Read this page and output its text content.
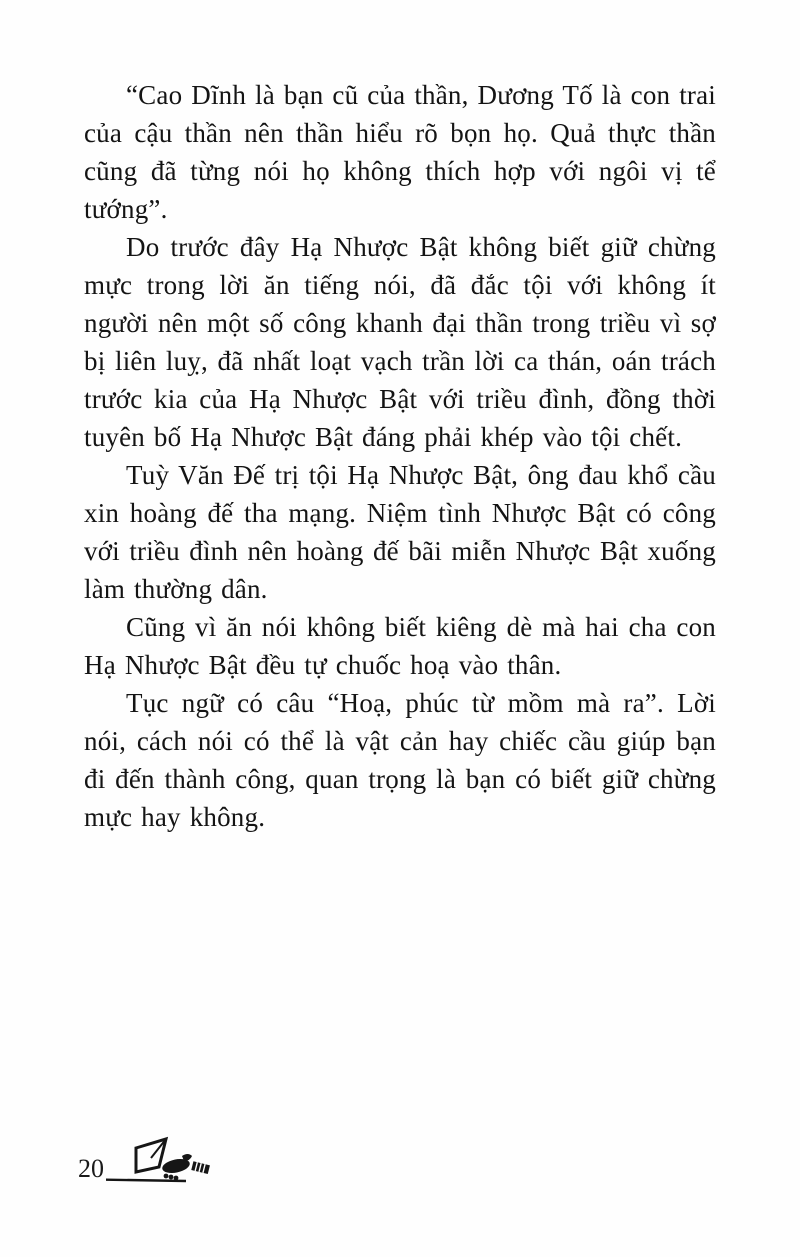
“Cao Dĩnh là bạn cũ của thần, Dương Tố là con trai của cậu thần nên thần hiểu rõ bọn họ. Quả thực thần cũng đã từng nói họ không thích hợp với ngôi vị tể tướng”.

Do trước đây Hạ Nhược Bật không biết giữ chừng mực trong lời ăn tiếng nói, đã đắc tội với không ít người nên một số công khanh đại thần trong triều vì sợ bị liên luỵ, đã nhất loạt vạch trần lời ca thán, oán trách trước kia của Hạ Nhược Bật với triều đình, đồng thời tuyên bố Hạ Nhược Bật đáng phải khép vào tội chết.

Tuỳ Văn Đế trị tội Hạ Nhược Bật, ông đau khổ cầu xin hoàng đế tha mạng. Niệm tình Nhược Bật có công với triều đình nên hoàng đế bãi miễn Nhược Bật xuống làm thường dân.

Cũng vì ăn nói không biết kiêng dè mà hai cha con Hạ Nhược Bật đều tự chuốc hoạ vào thân.

Tục ngữ có câu “Hoạ, phúc từ mồm mà ra”. Lời nói, cách nói có thể là vật cản hay chiếc cầu giúp bạn đi đến thành công, quan trọng là bạn có biết giữ chừng mực hay không.

20
